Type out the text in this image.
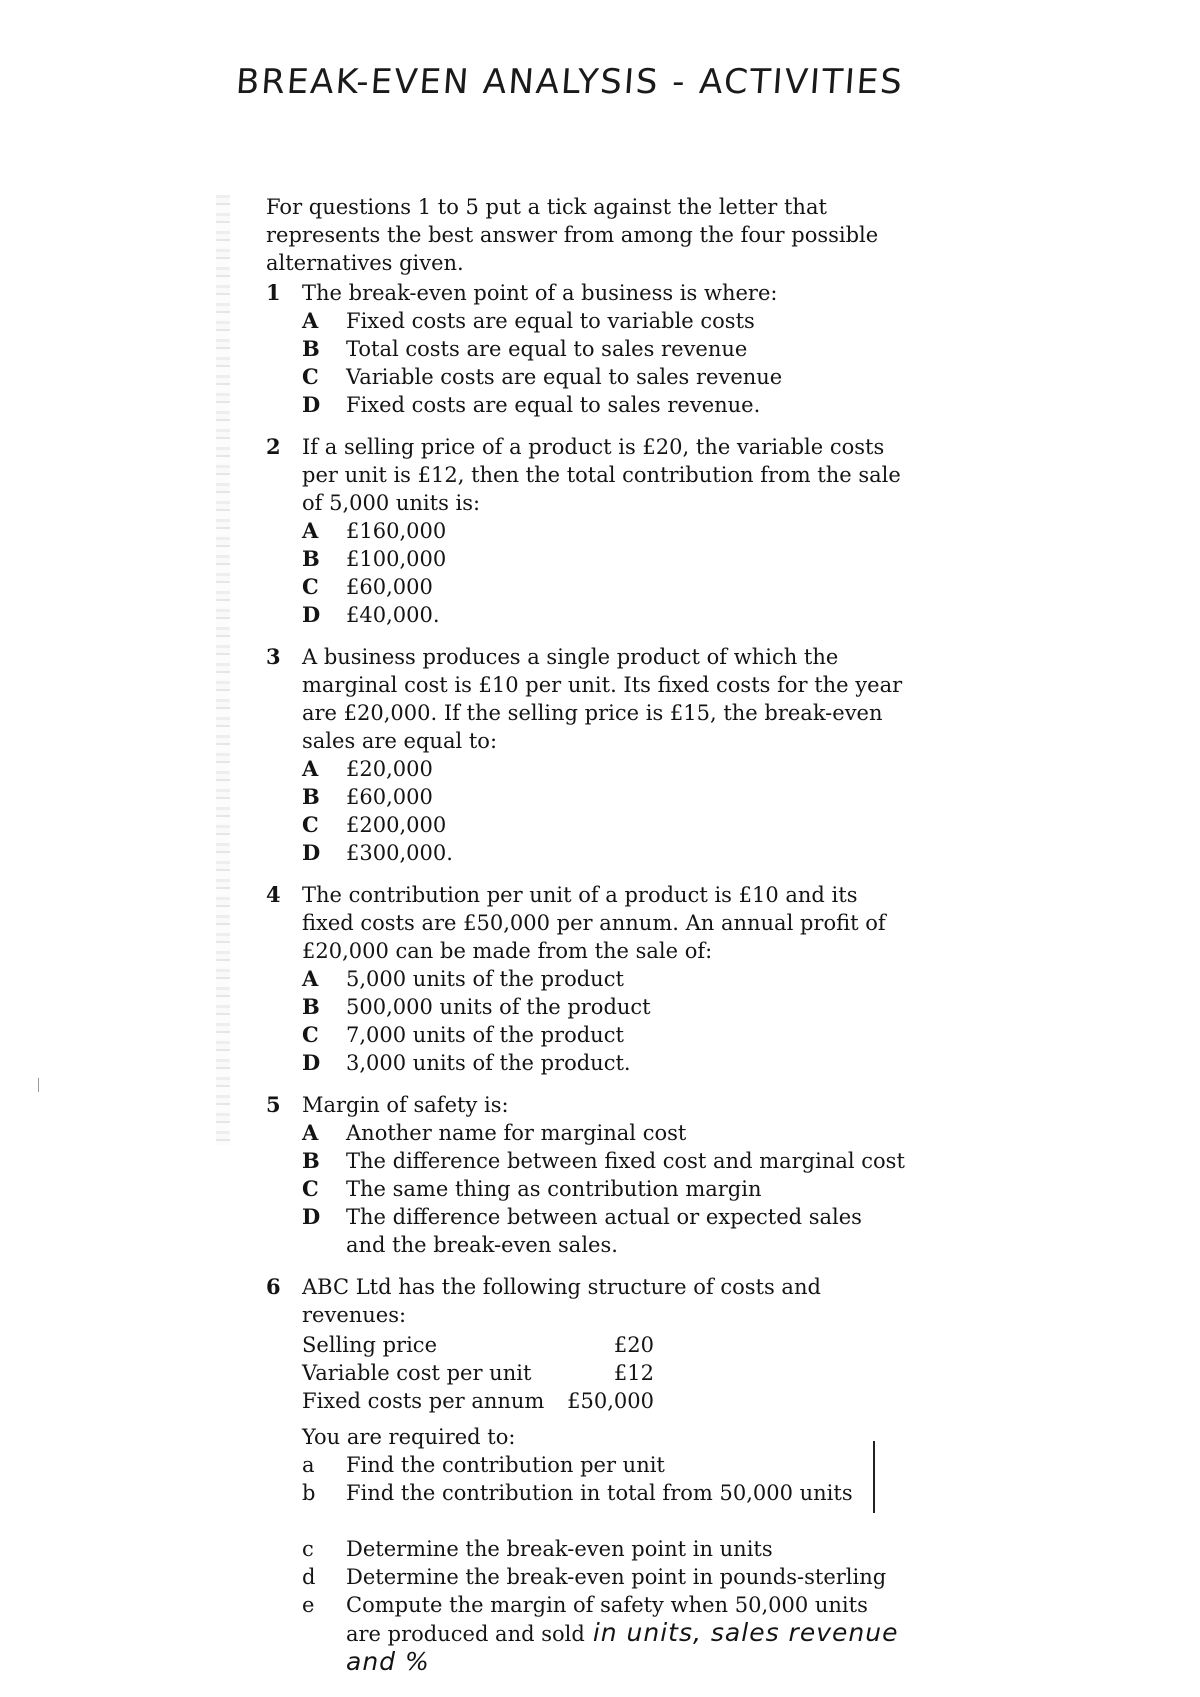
BREAK-EVEN ANALYSIS - ACTIVITIES

For questions 1 to 5 put a tick against the letter that represents the best answer from among the four possible alternatives given.

1 The break-even point of a business is where:
A Fixed costs are equal to variable costs
B Total costs are equal to sales revenue
C Variable costs are equal to sales revenue
D Fixed costs are equal to sales revenue.
2 If a selling price of a product is £20, the variable costs per unit is £12, then the total contribution from the sale of 5,000 units is:
A £160,000
B £100,000
C £60,000
D £40,000.
3 A business produces a single product of which the marginal cost is £10 per unit. Its fixed costs for the year are £20,000. If the selling price is £15, the break-even sales are equal to:
A £20,000
B £60,000
C £200,000
D £300,000.
4 The contribution per unit of a product is £10 and its fixed costs are £50,000 per annum. An annual profit of £20,000 can be made from the sale of:
A 5,000 units of the product
B 500,000 units of the product
C 7,000 units of the product
D 3,000 units of the product.
5 Margin of safety is:
A Another name for marginal cost
B The difference between fixed cost and marginal cost
C The same thing as contribution margin
D The difference between actual or expected sales and the break-even sales.
6 ABC Ltd has the following structure of costs and revenues:
Selling price	£20
Variable cost per unit	£12
Fixed costs per annum	£50,000
You are required to:
a Find the contribution per unit
b Find the contribution in total from 50,000 units
c Determine the break-even point in units
d Determine the break-even point in pounds-sterling
e Compute the margin of safety when 50,000 units are produced and sold in units, sales revenue and %
